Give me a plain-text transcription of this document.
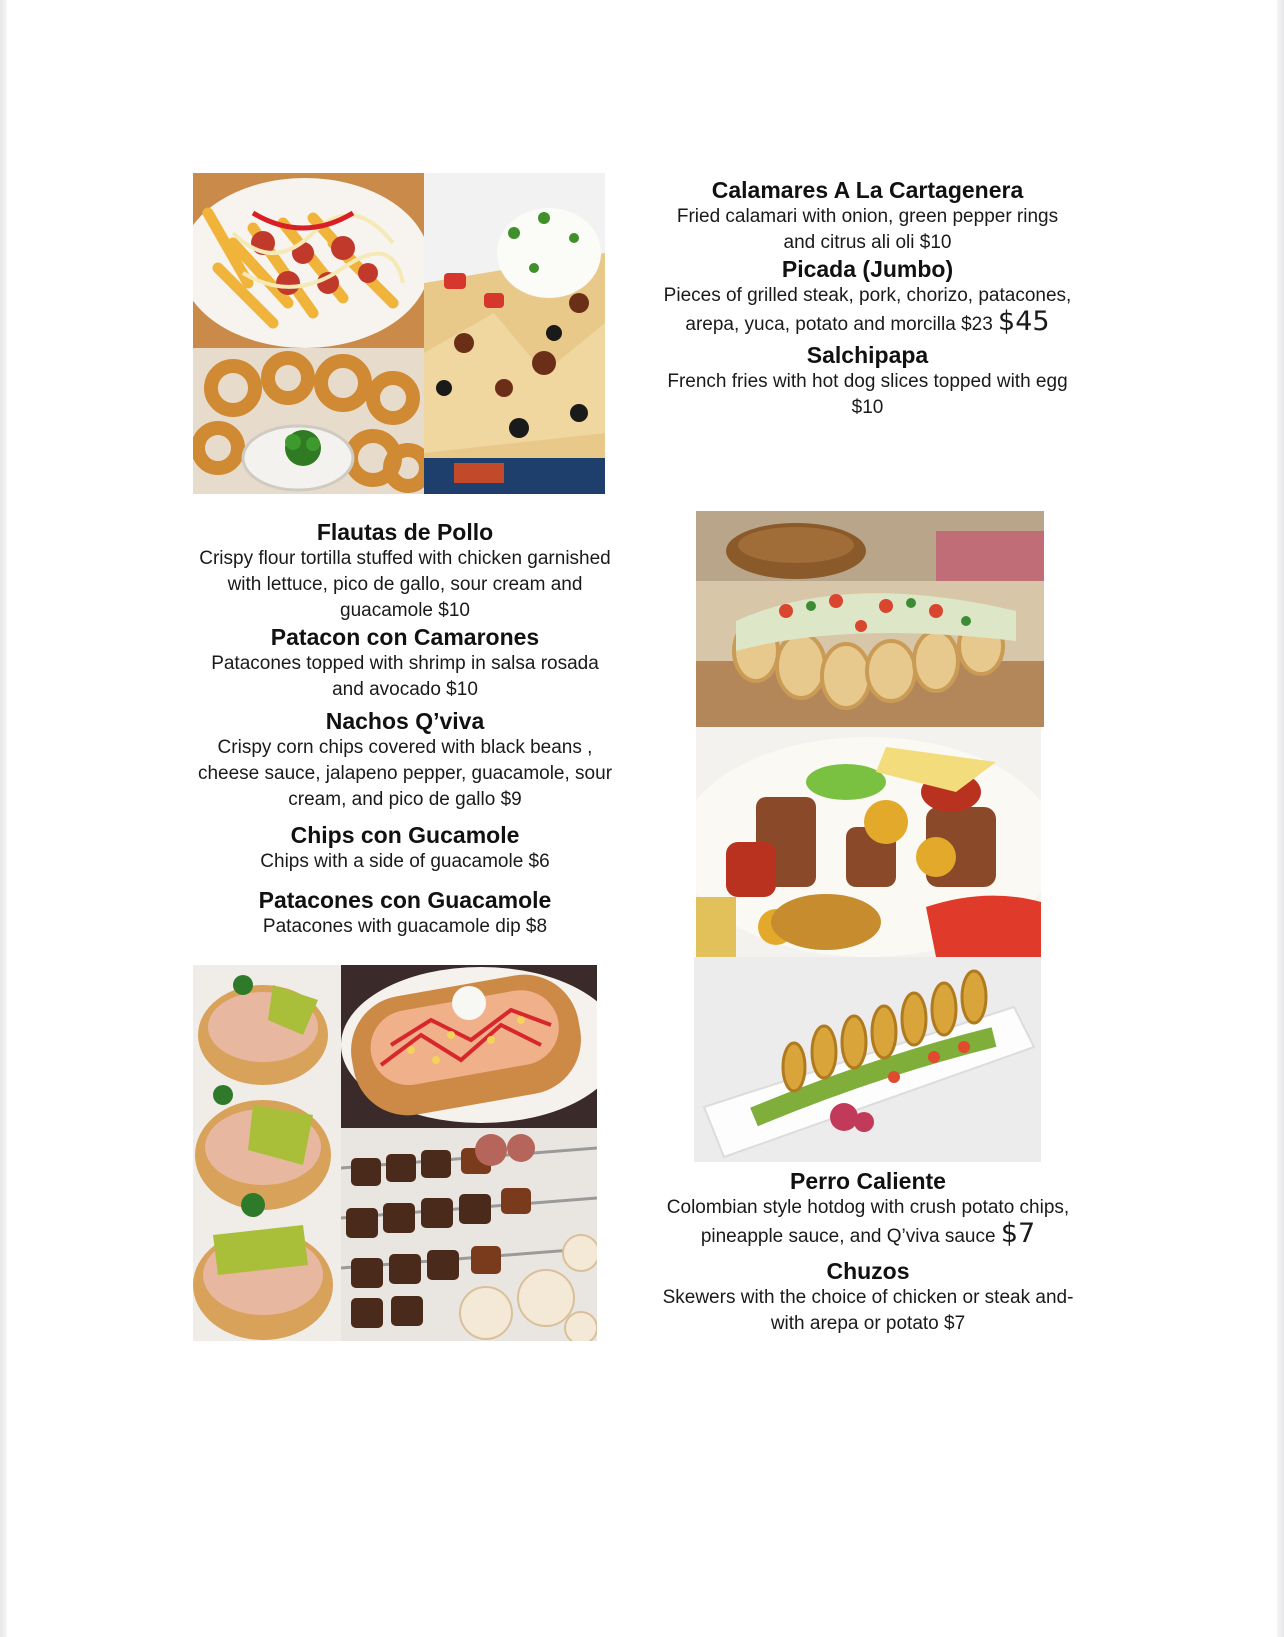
Calamares A La Cartagenera
Fried calamari with onion, green pepper rings
and citrus ali oli $10
Picada (Jumbo)
Pieces of grilled steak, pork, chorizo, patacones,
arepa, yuca, potato and morcilla $23 $45
Salchipapa
French fries with hot dog slices topped with egg
$10
Flautas de Pollo
Crispy flour tortilla stuffed with chicken garnished
with lettuce, pico de gallo, sour cream and
guacamole $10
Patacon con Camarones
Patacones topped with shrimp in salsa rosada
and avocado $10
Nachos Q’viva
Crispy corn chips covered with black beans ,
cheese sauce, jalapeno pepper, guacamole, sour
cream, and pico de gallo $9
Chips con Gucamole
Chips with a side of guacamole $6
Patacones con Guacamole
Patacones with guacamole dip $8
Perro Caliente
Colombian style hotdog with crush potato chips,
pineapple sauce, and Q’viva sauce $7
Chuzos
Skewers with the choice of chicken or steak and-
with arepa or potato $7
